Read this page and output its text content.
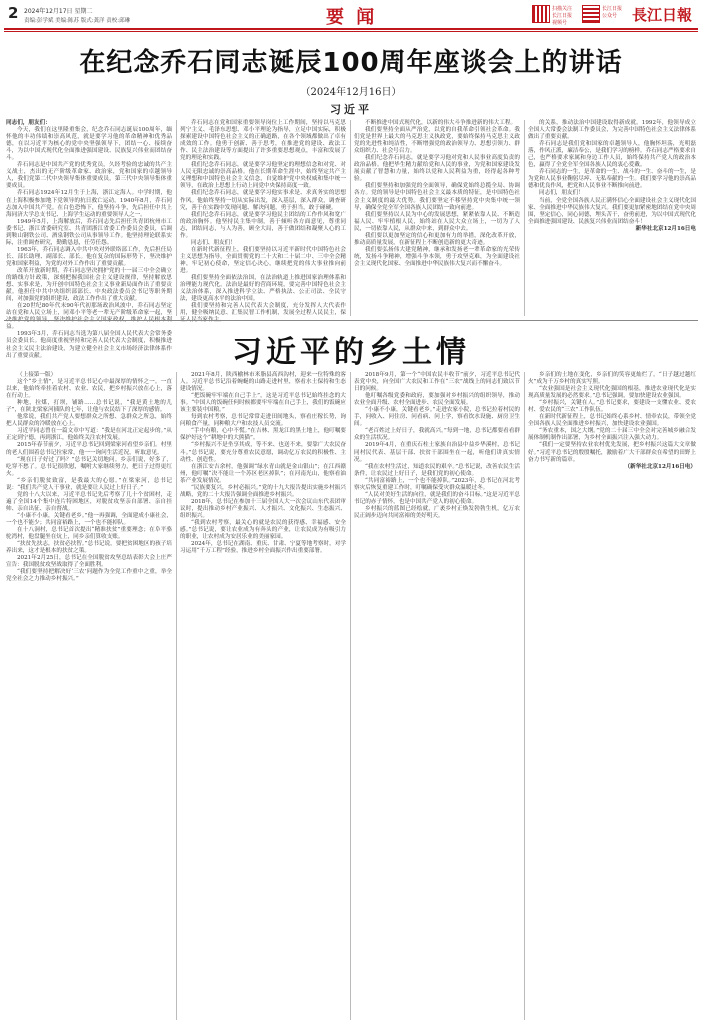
2 2024年12月17日 星期二
责编:彭学斌 美编:陈苏 版式:龚洋 责校:邱琳	要 闻	扫描关注
长江日报
视频号
长江日报
公众号 長江日報
在纪念乔石同志诞辰100周年座谈会上的讲话
（2024年12月16日）
习近平

同志们，朋友们：

今天，我们在这里隆重集会，纪念乔石同志诞辰100周年，缅怀他的丰功伟绩和崇高风范，就是要学习他的革命精神和优秀品德，在以习近平为核心的党中央坚强领导下，团结一心、接续奋斗，为以中国式现代化全面推进强国建设、民族复兴伟业而团结奋斗。

乔石同志是中国共产党的优秀党员，久经考验的忠诚的共产主义战士，杰出的无产阶级革命家、政治家，党和国家的卓越领导人，我们党第二代中央领导集体重要成员，第三代中央领导集体重要成员。

乔石同志1924年12月生于上海，浙江定海人。中学时期，他在上海积极参加地下党领导的抗日救亡运动。1940年8月，乔石同志加入中国共产党。在白色恐怖下，他坚持斗争，先后担任中共上海同济大学总支书记、上海学生运动的重要领导人之一。

1949年5月，上海解放后，乔石同志先后担任共青团杭州市工委书记、浙江省委研究室、共青团浙江省委工作委员会委员，后调到鞍山钢铁公司、酒泉钢铁公司从事领导工作。他坚持理论联系实际，注重调查研究，勤勤恳恳，任劳任怨。

1963年，乔石同志调入中共中央对外联络部工作，先后担任局长、部长助理、副部长、部长。他在复杂的国际形势下，坚决维护党和国家利益，为党的对外工作作出了重要贡献。

改革开放新时期，乔石同志坚决拥护党的十一届三中全会确立的路线方针政策，深刻把握我国社会主义建设规律，坚持解放思想、实事求是，为开创中国特色社会主义事业新局面作出了重要贡献。他担任中共中央组织部部长、中央政法委员会书记等职务期间，对加强党的组织建设、政法工作作出了重大贡献。

在20世纪80年代末90年代初那场政治风波中，乔石同志坚定站在党和人民立场上，同邓小平等老一辈无产阶级革命家一起，坚 益。

1993年3月，乔石同志当选为第八届全国人民代表大会常务委员会委员长。他高度重视坚持和完善人民代表大会制度，积极推进社会主义民主法治建设，为建立健全社会主义市场经济法律体系作出了重要贡献。

乔石同志在党和国家重要领导岗位上工作期间，坚持以马克思列宁主义、毛泽东思想、邓小平理论为指导，立足中国实际，积极探索建设中国特色社会主义的正确道路，在各个领域都做出了卓有成效的工作。他勇于创新、善于思考，在推进党的建设、政法工作、民主法治建设等方面提出了许多重要思想观点，丰富和发展了党的理论和实践。

我们纪念乔石同志，就是要学习他坚定的理想信念和对党、对人民无限忠诚的崇高品格。他在长期革命生涯中，始终坚定共产主义理想和中国特色社会主义信念，自觉维护党中央权威和集中统一领导，在政治上思想上行动上同党中央保持高度一致。

我们纪念乔石同志，就是要学习他实事求是、求真务实的思想作风。他始终坚持一切从实际出发，深入基层，深入群众，调查研究，善于在实践中发现问题、解决问题，勇于担当，敢于碰硬。

我们纪念乔石同志，就是要学习他民主团结的工作作风和宽广的政治胸怀。他坚持民主集中制，善于倾听各方面意见，尊重同志，团结同志，与人为善，顾全大局，善于做团结和凝聚人心的工作。

同志们、朋友们！

在新时代新征程上，我们要坚持以习近平新时代中国特色社会主义思想为指导，全面贯彻党的二十大和二十届二中、三中全会精神，牢记初心使命，坚定信心决心，继续把党的伟大事业推向前进。

我们要坚持全面依法治国，在法治轨道上推进国家治理体系和治理能力现代化。法治是最好的营商环境，要完善中国特色社会主义法治体系，深入推进科学立法、严格执法、公正司法、全民守法，建设更高水平的法治中国。

我们要坚持和完善人民代表大会制度，充分发挥人大代表作用，健全吸纳民意、汇集民智工作机制，发展全过程人民民主，保

不断推进中国式现代化，以新的伟大斗争推进新的伟大工程。

我们要坚持全面从严治党，以党的自我革命引领社会革命。我们党是世界上最大的马克思主义执政党，要始终保持马克思主义政党的先进性和纯洁性，不断增强党的政治领导力、思想引领力、群众组织力、社会号召力。

我们纪念乔石同志，就是要学习他对党和人民事业高度负责的政治品格。他把毕生精力献给党和人民的事业，为党和国家建设发展贡献了智慧和力量，始终以党和人民利益为重，经得起各种考验。

我们要坚持和加强党的全面领导，确保党始终总揽全局、协调各方。党的领导是中国特色社会主义最本质的特征，是中国特色社会主义制度的最大优势。我们要坚定不移坚持党中央集中统一领导，确保全党全军全国各族人民团结一致向前进。

我们要坚持以人民为中心的发展思想，紧紧依靠人民、不断造福人民、牢牢植根人民，始终站在人民大众立场上，一切为了人民，一切依靠人民，从群众中来，到群众中去。

我们要以更加坚定的信心和更加有力的举措，深化改革开放，推动高质量发展，在新征程上不断创造新的更大奇迹。

我们要弘扬伟大建党精神，继承和发扬老一辈革命家的光荣传统，发扬斗争精神，增强斗争本领，勇于攻坚克难，为全面建设社会主义现代化国家、全面推进中华民族伟大复兴而不懈奋斗。

的关系，推动法治中国建设取得新成就。1992年，他领导成立全国人大常委会法制工作委员会，为完善中国特色社会主义法律体系做出了重要贡献。

乔石同志是我们党和国家的卓越领导人，他胸怀坦荡，光明磊落，作风正派，廉洁奉公，是我们学习的榜样。乔石同志严格要求自己，也严格要求家属和身边工作人员，始终保持共产党人的政治本色，赢得了全党全军全国各族人民的衷心爱戴。

乔石同志的一生，是革命的一生、战斗的一生、奋斗的一生，是为党和人民事业鞠躬尽瘁、无私奉献的一生。我们要学习他的崇高品德和优良作风，把党和人民事业不断推向前进。

同志们，朋友们！

当前，全党全国各族人民正满怀信心全面建设社会主义现代化国家、全面推进中华民族伟大复兴。我们要更加紧密地团结在党中央周围，坚定信心，同心同德，埋头苦干，奋勇前进，为以中国式现代化全面推进强国建设、民族复兴伟业而团结奋斗！

新华社北京12月16日电

习近平的乡土情

（上接第一版）

这个“乡土情”，是习近平总书记心中最深厚的情怀之一。一直以来，他始终牵挂着农村、农业、农民，把乡村振兴放在心上，落在行动上。

种地，拉煤，打坝，铺路……总书记说，“我是黄土地的儿子”，在陕北梁家河插队的七年，让他与农民结下了深厚的感情。

他常说，我们共产党人要想群众之所想、急群众之所急，始终把人民群众的冷暖放在心上。

习近平同志曾在一篇文章中写道：“我是在河北正定起步的。”从正定到宁德，再到浙江，他始终关注农村发展。

2015年春节前夕，习近平总书记回到梁家河看望乡亲们。村里的老人们围着总书记拉家常，他一一询问生活近况，听取意见。

“现在日子好过了吗？”总书记关切地问。乡亲们说，好多了，吃穿不愁了。总书记很欣慰，嘱咐大家继续努力，把日子过得更红火。

“乡亲们脱贫致富，是我最大的心愿。”在梁家河，总书记说：“我们共产党人干事业，就是要让人民过上好日子。”

党的十八大以来，习近平总书记先后考察了几十个贫困村，走遍了全国14个集中连片特困地区，对脱贫攻坚亲自部署、亲自挂帅、亲自出征、亲自督战。

“小康不小康，关键看老乡。”他一再强调，全面建成小康社会，一个也不能少；共同富裕路上，一个也不能掉队。

在十八洞村，总书记首次提出“精准扶贫”重要理念；在阜平骆驼湾村，他盘腿坐在炕上，同乡亲们算收支账。

“扶贫先扶志，扶贫必扶智。”总书记说，要把贫困地区的孩子培养出来，这才是根本的扶贫之策。

2021年2月25日，总书记在全国脱贫攻坚总结表彰大会上庄严宣告：我国脱贫攻坚战取得了全面胜利。

“我们要坚持把解决好‘三农’问题作为全党工作重中之重，举全党全社会之力推动乡村振兴。”

2021年8月，陕西榆林市米脂县高西沟村，迎来一位特殊的客人。习近平总书记沿着蜿蜒的山路走进村里，察看水土保持和生态建设情况。

“把饭碗牢牢端在自己手上”，这是习近平总书记始终挂念的大事。“中国人的饭碗任何时候都要牢牢端在自己手上，我们的饭碗应该主要装中国粮。”

每到农村考察，总书记常常走进田间地头，察看庄稼长势，询问粮食产量，同种粮大户和农技人员交流。

“手中有粮，心中不慌。”在吉林、黑龙江的黑土地上，他叮嘱要保护好这个“耕地中的大熊猫”。

“乡村振兴不是坐享其成，等不来、也送不来，要靠广大农民奋斗。”总书记说，要充分尊重农民意愿，调动亿万农民的积极性、主动性、创造性。

在浙江安吉余村，他强调“绿水青山就是金山银山”；在江西赣州，他叮嘱“决不能让一个苏区老区掉队”；在河南光山，他察看油茶产业发展情况。

“民族要复兴，乡村必振兴。”党的十九大报告提出实施乡村振兴战略，党的二十大报告强调全面推进乡村振兴。

2018年，总书记在参加十三届全国人大一次会议山东代表团审议时，提出推动乡村产业振兴、人才振兴、文化振兴、生态振兴、组织振兴。

“我到农村考察，最关心的就是农民的获得感、幸福感、安全感。”总书记说，要让农业成为有奔头的产业，让农民成为有吸引力的职业，让农村成为安居乐业的美丽家园。

2024年，总书记在湖南、重庆、甘肃、宁夏等地考察时，对学习运用“千万工程”经验，推进乡村全面振兴作出重要部署。

2018年9月，第一个“中国农民丰收节”前夕，习近平总书记代表党中央，向全国广大农民和工作在“三农”战线上的同志们致以节日的问候。

他叮嘱各级党委和政府，要加强对乡村振兴的组织领导，推动农业全面升级、农村全面进步、农民全面发展。

“小康不小康，关键看老乡。”走进农家小院，总书记拉着村民的手，问收入、问住房、问看病、问上学，察看饮水设施、厨房卫生间。

“老百姓过上好日子，我就高兴。”每到一地，总书记都要看看群众的生活状况。

2019年4月，在重庆石柱土家族自治县中益乡华溪村，总书记同村民代表、基层干部、扶贫干部围坐在一起，听他们讲真实情况。

“我在农村生活过，知道农民的艰辛。”总书记说，改善农民生活条件，让农民过上好日子，是我们党的初心使命。

“共同富裕路上，一个也不能掉队。”2023年，总书记在河北考察灾后恢复重建工作时，叮嘱确保受灾群众温暖过冬。

“人民对美好生活的向往，就是我们的奋斗目标。”这是习近平总书记的赤子情怀，也是中国共产党人的初心使命。

乡村振兴的蓝图已经绘就，广袤乡村正焕发勃勃生机，亿万农民正阔步迈向共同富裕的美好明天。

乡亲们的土地在变化，乡亲们的笑容更灿烂了。“日子越过越红火”成为千万乡村的真实写照。

“农业强国是社会主义现代化强国的根基，推进农业现代化是实现高质量发展的必然要求。”总书记强调，要加快建设农业强国。

“乡村振兴，关键在人。”总书记要求，要建设一支懂农业、爱农村、爱农民的“三农”工作队伍。

在新时代新征程上，总书记始终心系乡村、情牵农民，带领全党全国各族人民全面推进乡村振兴，加快建设农业强国。

“务农重本，国之大纲。”党的二十届三中全会对完善城乡融合发展体制机制作出部署，为乡村全面振兴注入强大动力。

“我们一定要坚持农业农村优先发展，把乡村振兴这篇大文章做好。”习近平总书记的殷殷嘱托，激励着广大干部群众在希望的田野上奋力书写新的篇章。

（新华社北京12月16日电）
